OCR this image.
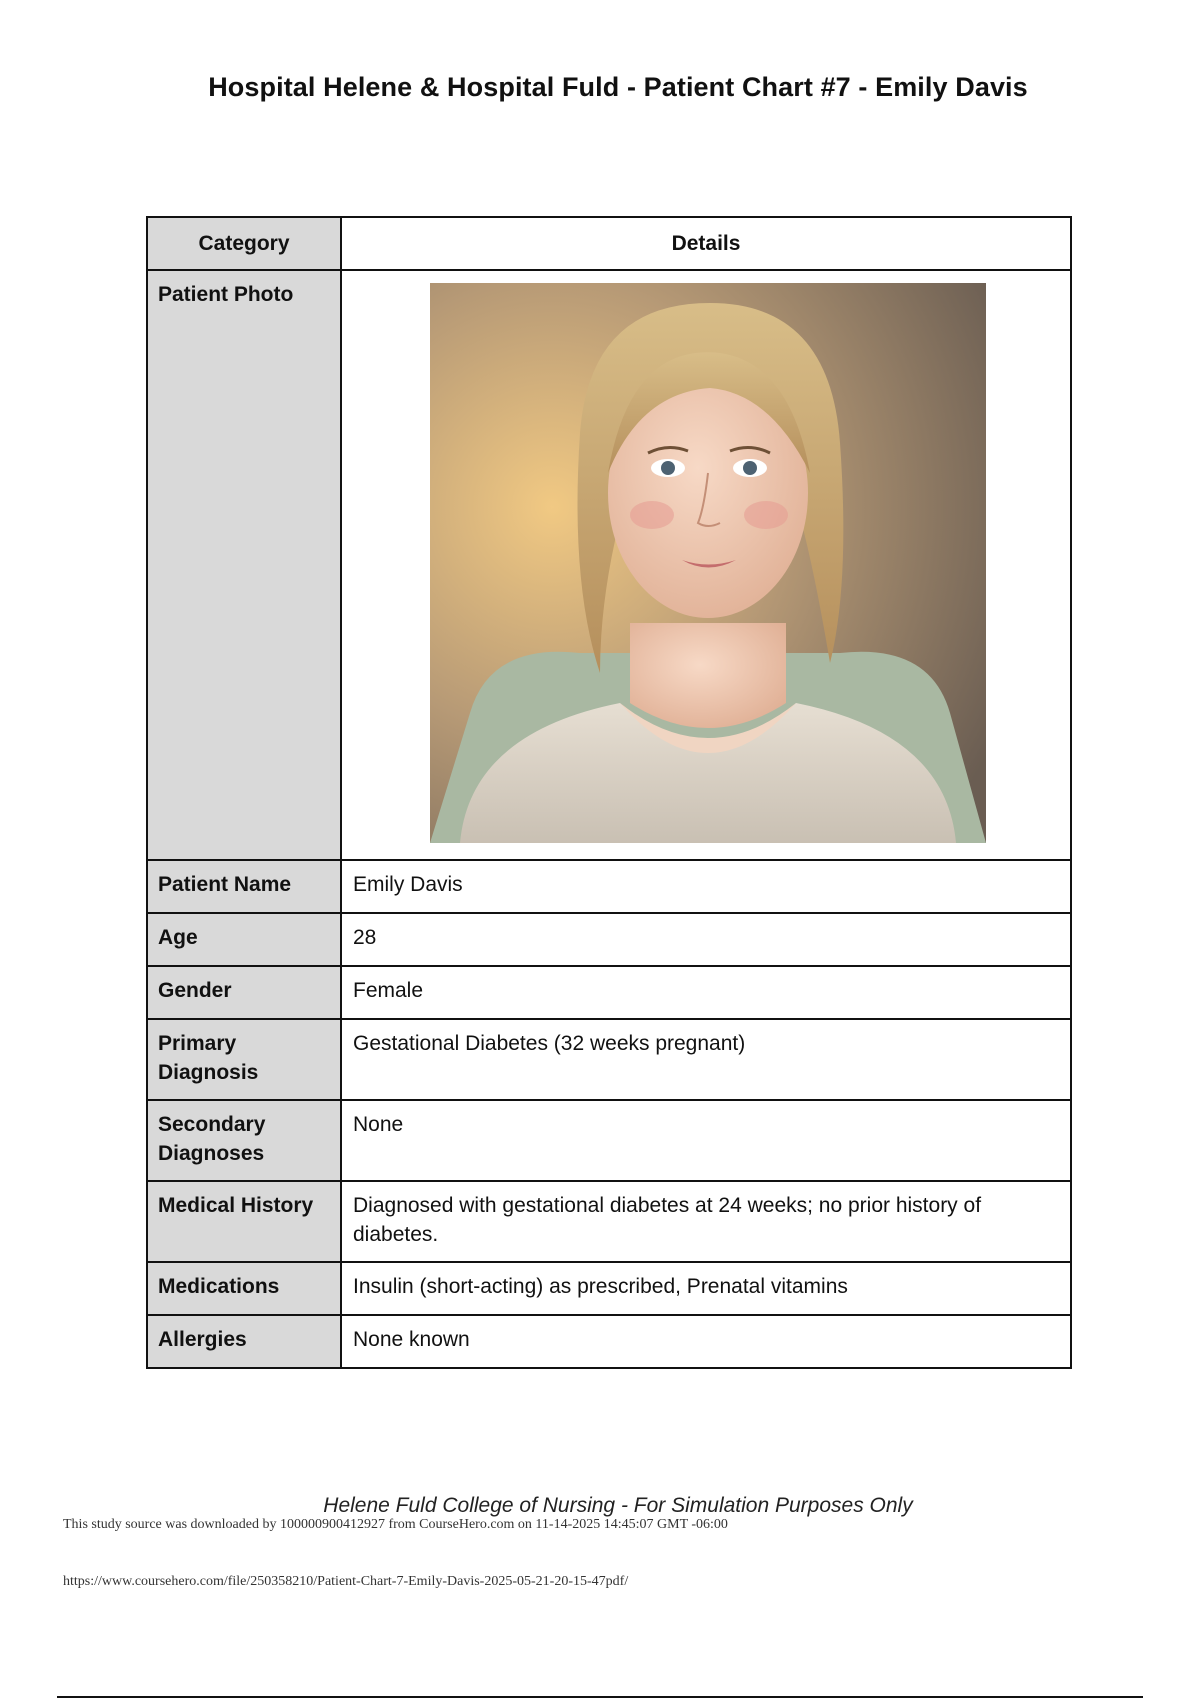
Hospital Helene & Hospital Fuld - Patient Chart #7 - Emily Davis
Category	Details
Patient Photo	
Patient Name	Emily Davis
Age	28
Gender	Female
Primary Diagnosis	Gestational Diabetes (32 weeks pregnant)
Secondary Diagnoses	None
Medical History	Diagnosed with gestational diabetes at 24 weeks; no prior history of diabetes.
Medications	Insulin (short-acting) as prescribed, Prenatal vitamins
Allergies	None known
Helene Fuld College of Nursing - For Simulation Purposes Only
This study source was downloaded by 100000900412927 from CourseHero.com on 11-14-2025 14:45:07 GMT -06:00
https://www.coursehero.com/file/250358210/Patient-Chart-7-Emily-Davis-2025-05-21-20-15-47pdf/
